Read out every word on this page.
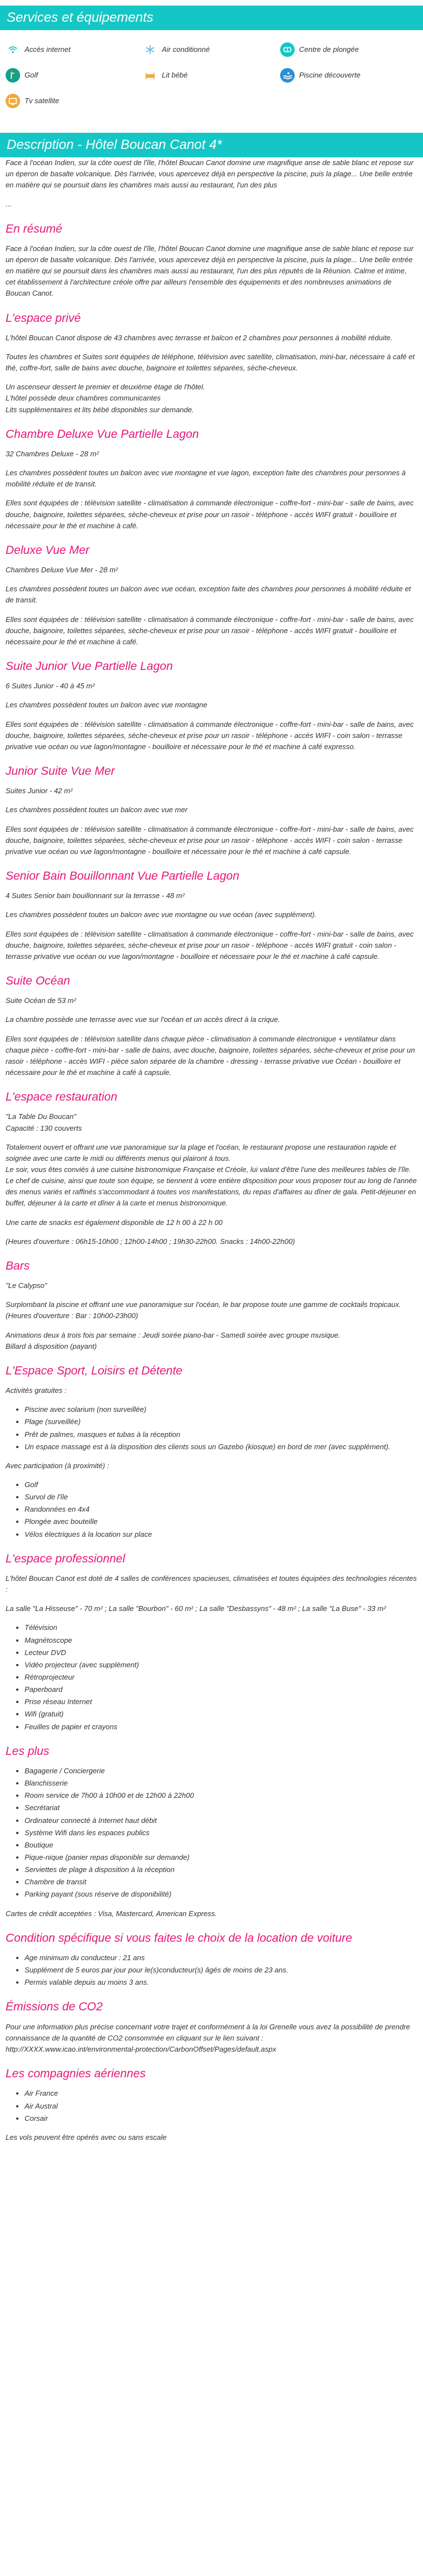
Services et équipements
Accès internet	Air conditionné	Centre de plongée
Golf	Lit bébé	Piscine découverte
Tv satellite
Description - Hôtel Boucan Canot 4*

Face à l'océan Indien, sur la côte ouest de l'île, l'hôtel Boucan Canot domine une magnifique anse de sable blanc et repose sur un éperon de basalte volcanique. Dès l'arrivée, vous apercevez déjà en perspective la piscine, puis la plage... Une belle entrée en matière qui se poursuit dans les chambres mais aussi au restaurant, l'un des plus

...

En résumé

Face à l'océan Indien, sur la côte ouest de l'île, l'hôtel Boucan Canot domine une magnifique anse de sable blanc et repose sur un éperon de basalte volcanique. Dès l'arrivée, vous apercevez déjà en perspective la piscine, puis la plage... Une belle entrée en matière qui se poursuit dans les chambres mais aussi au restaurant, l'un des plus réputés de la Réunion. Calme et intime, cet établissement à l'architecture créole offre par ailleurs l'ensemble des équipements et des nombreuses animations de Boucan Canot.

L'espace privé

L'hôtel Boucan Canot dispose de 43 chambres avec terrasse et balcon et 2 chambres pour personnes à mobilité réduite.

Toutes les chambres et Suites sont équipées de téléphone, télévision avec satellite, climatisation, mini-bar, nécessaire à café et thé, coffre-fort, salle de bains avec douche, baignoire et toilettes séparées, sèche-cheveux.

Un ascenseur dessert le premier et deuxième étage de l'hôtel.
L'hôtel possède deux chambres communicantes
Lits supplémentaires et lits bébé disponibles sur demande.

Chambre Deluxe Vue Partielle Lagon

32 Chambres Deluxe - 28 m²

Les chambres possèdent toutes un balcon avec vue montagne et vue lagon, exception faite des chambres pour personnes à mobilité réduite et de transit.

Elles sont équipées de : télévision satellite - climatisation à commande électronique - coffre-fort - mini-bar - salle de bains, avec douche, baignoire, toilettes séparées, sèche-cheveux et prise pour un rasoir - téléphone - accès WIFI gratuit - bouilloire et nécessaire pour le thé et machine à café.

Deluxe Vue Mer

Chambres Deluxe Vue Mer - 28 m²

Les chambres possèdent toutes un balcon avec vue océan, exception faite des chambres pour personnes à mobilité réduite et de transit.

Elles sont équipées de : télévision satellite - climatisation à commande électronique - coffre-fort - mini-bar - salle de bains, avec douche, baignoire, toilettes séparées, sèche-cheveux et prise pour un rasoir - téléphone - accès WIFI gratuit - bouilloire et nécessaire pour le thé et machine à café.

Suite Junior Vue Partielle Lagon

6 Suites Junior - 40 à 45 m²

Les chambres possèdent toutes un balcon avec vue montagne

Elles sont équipées de : télévision satellite - climatisation à commande électronique - coffre-fort - mini-bar - salle de bains, avec douche, baignoire, toilettes séparées, sèche-cheveux et prise pour un rasoir - téléphone - accès WIFI - coin salon - terrasse privative vue océan ou vue lagon/montagne - bouilloire et nécessaire pour le thé et machine à café expresso.

Junior Suite Vue Mer

Suites Junior - 42 m²

Les chambres possèdent toutes un balcon avec vue mer

Elles sont équipées de : télévision satellite - climatisation à commande électronique - coffre-fort - mini-bar - salle de bains, avec douche, baignoire, toilettes séparées, sèche-cheveux et prise pour un rasoir - téléphone - accès WIFI - coin salon - terrasse privative vue océan ou vue lagon/montagne - bouilloire et nécessaire pour le thé et machine à café capsule.

Senior Bain Bouillonnant Vue Partielle Lagon

4 Suites Senior bain bouillonnant sur la terrasse - 48 m²

Les chambres possèdent toutes un balcon avec vue montagne ou vue océan (avec supplément).

Elles sont équipées de : télévision satellite - climatisation à commande électronique - coffre-fort - mini-bar - salle de bains, avec douche, baignoire, toilettes séparées, sèche-cheveux et prise pour un rasoir - téléphone - accès WIFI gratuit - coin salon - terrasse privative vue océan ou vue lagon/montagne - bouilloire et nécessaire pour le thé et machine à café capsule.

Suite Océan

Suite Océan de 53 m²

La chambre possède une terrasse avec vue sur l'océan et un accès direct à la crique.

Elles sont équipées de : télévision satellite dans chaque pièce - climatisation à commande électronique + ventilateur dans chaque pièce - coffre-fort - mini-bar - salle de bains, avec douche, baignoire, toilettes séparées, sèche-cheveux et prise pour un rasoir - téléphone - accès WIFI - pièce salon séparée de la chambre - dressing - terrasse privative vue Océan - bouilloire et nécessaire pour le thé et machine à café à capsule.

L'espace restauration

"La Table Du Boucan"
Capacité : 130 couverts

Totalement ouvert et offrant une vue panoramique sur la plage et l'océan, le restaurant propose une restauration rapide et soignée avec une carte le midi ou différents menus qui plairont à tous.
Le soir, vous êtes conviés à une cuisine bistronomique Française et Créole, lui valant d'être l'une des meilleures tables de l'île. Le chef de cuisine, ainsi que toute son équipe, se tiennent à votre entière disposition pour vous proposer tout au long de l'année des menus variés et raffinés s'accommodant à toutes vos manifestations, du repas d'affaires au dîner de gala. Petit-déjeuner en buffet, déjeuner à la carte et dîner à la carte et menus bistronomique.

Une carte de snacks est également disponible de 12 h 00 à 22 h 00

(Heures d'ouverture : 06h15-10h00 ; 12h00-14h00 ; 19h30-22h00. Snacks : 14h00-22h00)

Bars

"Le Calypso"

Surplombant la piscine et offrant une vue panoramique sur l'océan, le bar propose toute une gamme de cocktails tropicaux.
(Heures d'ouverture : Bar : 10h00-23h00)

Animations deux à trois fois par semaine : Jeudi soirée piano-bar - Samedi soirée avec groupe musique.
Billard à disposition (payant)

L'Espace Sport, Loisirs et Détente

Activités gratuites :

• Piscine avec solarium (non surveillée)
• Plage (surveillée)
• Prêt de palmes, masques et tubas à la réception
• Un espace massage est à la disposition des clients sous un Gazebo (kiosque) en bord de mer (avec supplément).

Avec participation (à proximité) :

• Golf
• Survol de l'île
• Randonnées en 4x4
• Plongée avec bouteille
• Vélos électriques à la location sur place
L'espace professionnel

L'hôtel Boucan Canot est doté de 4 salles de conférences spacieuses, climatisées et toutes équipées des technologies récentes :

La salle "La Hisseuse" - 70 m² ; La salle "Bourbon" - 60 m² ; La salle "Desbassyns" - 48 m² ; La salle "La Buse" - 33 m²

• Télévision
• Magnétoscope
• Lecteur DVD
• Vidéo projecteur (avec supplément)
• Rétroprojecteur
• Paperboard
• Prise réseau Internet
• Wifi (gratuit)
• Feuilles de papier et crayons
Les plus
• Bagagerie / Conciergerie
• Blanchisserie
• Room service de 7h00 à 10h00 et de 12h00 à 22h00
• Secrétariat
• Ordinateur connecté à Internet haut débit
• Système Wifi dans les espaces publics
• Boutique
• Pique-nique (panier repas disponible sur demande)
• Serviettes de plage à disposition à la réception
• Chambre de transit
• Parking payant (sous réserve de disponibilité)

Cartes de crédit acceptées : Visa, Mastercard, American Express.

Condition spécifique si vous faites le choix de la location de voiture
• Age minimum du conducteur : 21 ans
• Supplément de 5 euros par jour pour le(s)conducteur(s) âgés de moins de 23 ans.
• Permis valable depuis au moins 3 ans.
Émissions de CO2

Pour une information plus précise concernant votre trajet et conformément à la loi Grenelle vous avez la possibilité de prendre connaissance de la quantité de CO2 consommée en cliquant sur le lien suivant :
http://XXXX.www.icao.int/environmental-protection/CarbonOffset/Pages/default.aspx

Les compagnies aériennes
• Air France
• Air Austral
• Corsair

Les vols peuvent être opérés avec ou sans escale
